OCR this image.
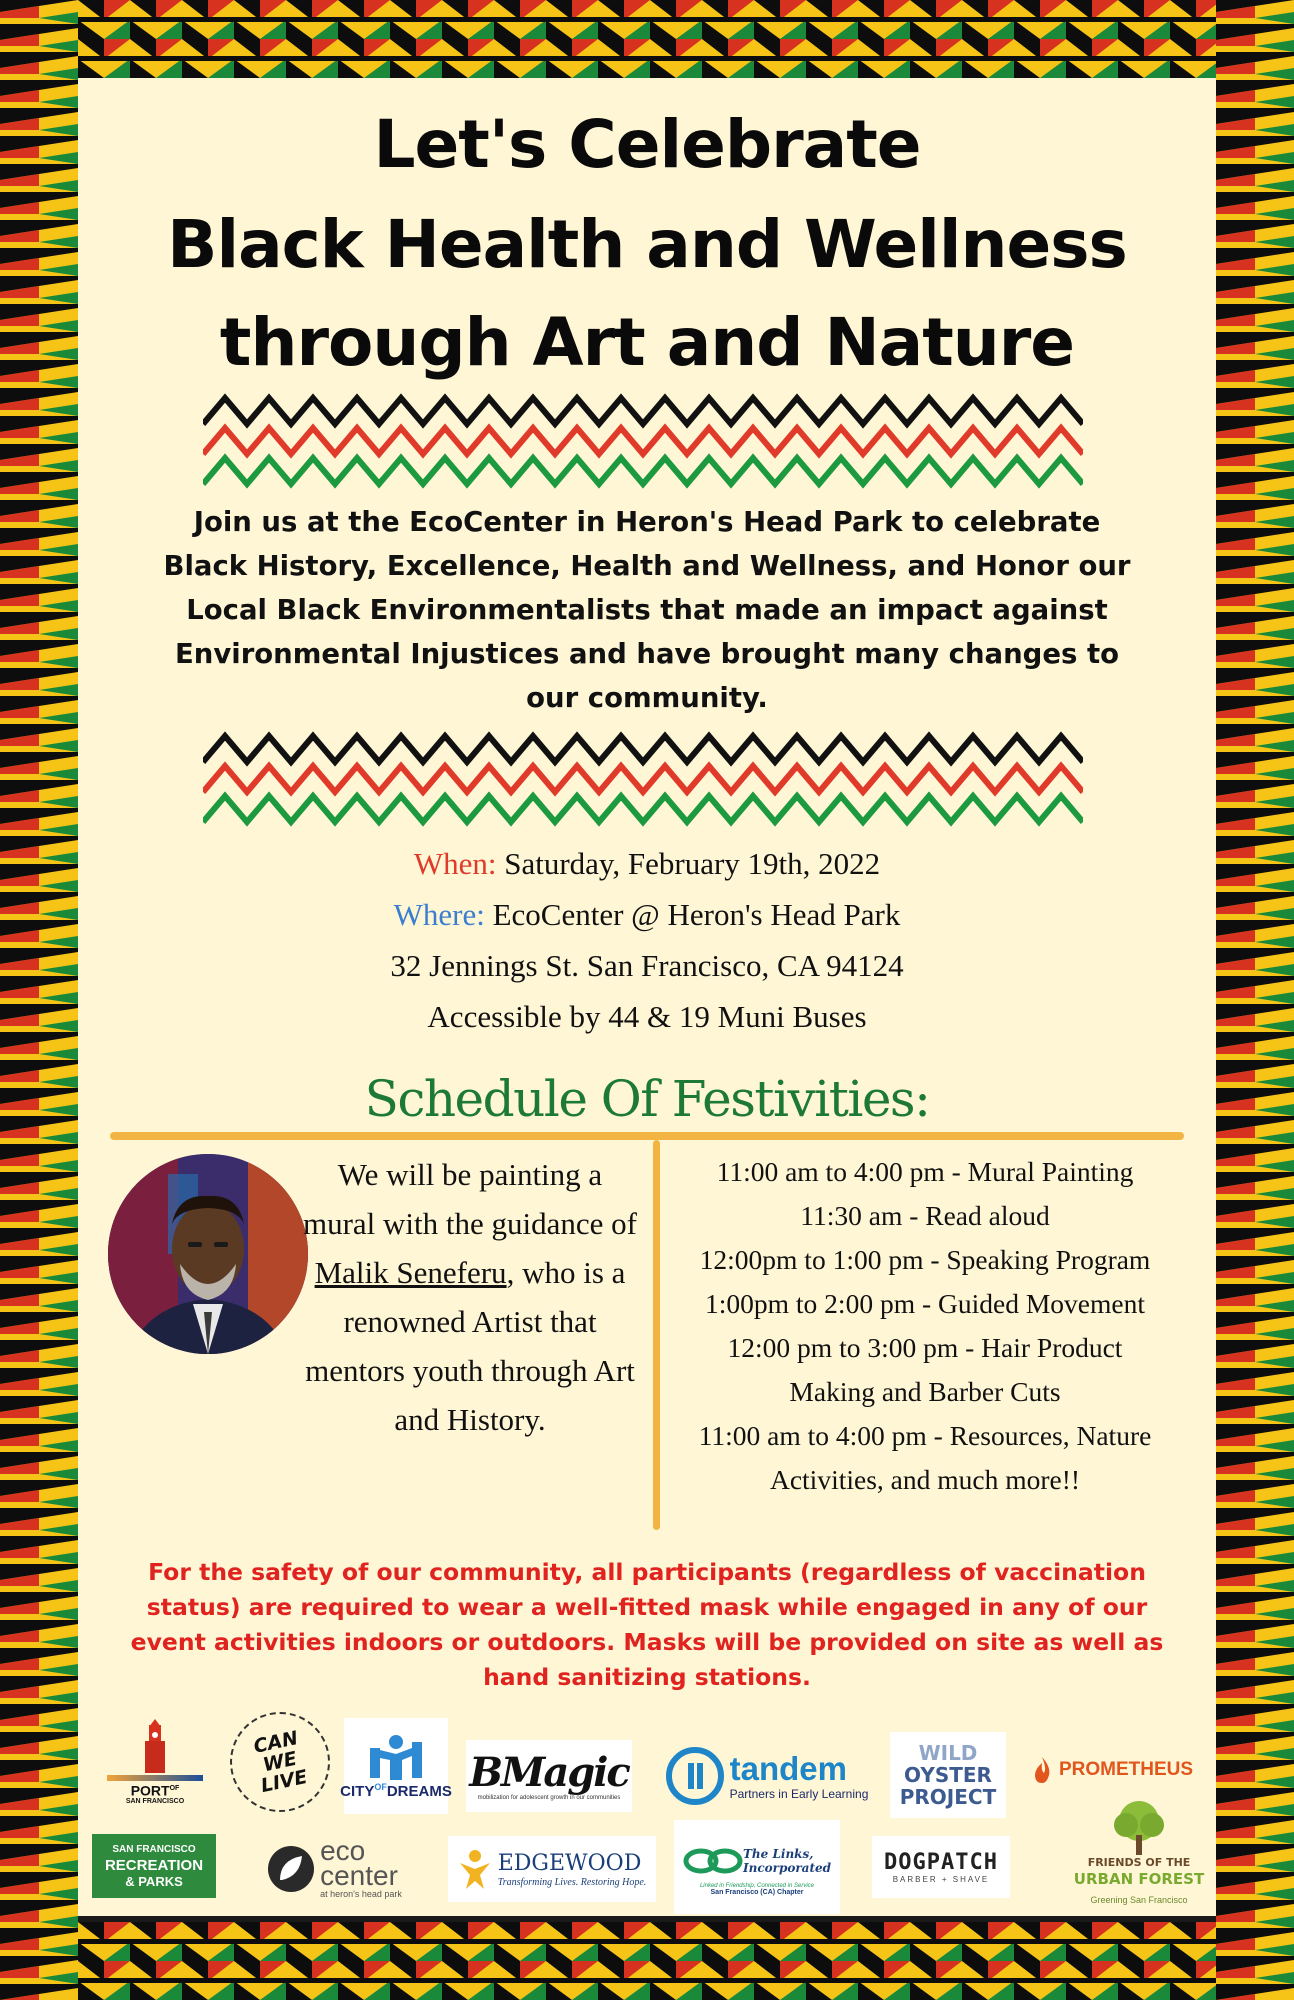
Let's Celebrate
Black Health and Wellness
through Art and Nature
Join us at the EcoCenter in Heron's Head Park to celebrate Black History, Excellence, Health and Wellness, and Honor our Local Black Environmentalists that made an impact against Environmental Injustices and have brought many changes to our community.
When: Saturday, February 19th, 2022
Where: EcoCenter @ Heron's Head Park
32 Jennings St. San Francisco, CA 94124
Accessible by 44 & 19 Muni Buses
Schedule Of Festivities:
We will be painting a mural with the guidance of Malik Seneferu, who is a renowned Artist that mentors youth through Art and History.
11:00 am to 4:00 pm - Mural Painting
11:30 am - Read aloud
12:00pm to 1:00 pm - Speaking Program
1:00pm to 2:00 pm - Guided Movement
12:00 pm to 3:00 pm - Hair Product
Making and Barber Cuts
11:00 am to 4:00 pm - Resources, Nature
Activities, and much more!!
For the safety of our community, all participants (regardless of vaccination status) are required to wear a well-fitted mask while engaged in any of our event activities indoors or outdoors. Masks will be provided on site as well as hand sanitizing stations.
$PORT^{OF}$
SAN FRANCISCO
CAN WE LIVE	$CITY^{OF}DREAMS$ BMagic
mobilization for adolescent growth in our communities
tandem
Partners in Early Learning
WILD
OYSTER
PROJECT
PROMETHEUS
SAN FRANCISCO
RECREATION
& PARKS
eco
center
at heron's head park
EDGEWOOD
Transforming Lives. Restoring Hope.
The Links,
Incorporated
Linked in Friendship, Connected in Service
San Francisco (CA) Chapter
DOGPATCH
BARBER + SHAVE
FRIENDS OF THE
URBAN FOREST
Greening San Francisco
